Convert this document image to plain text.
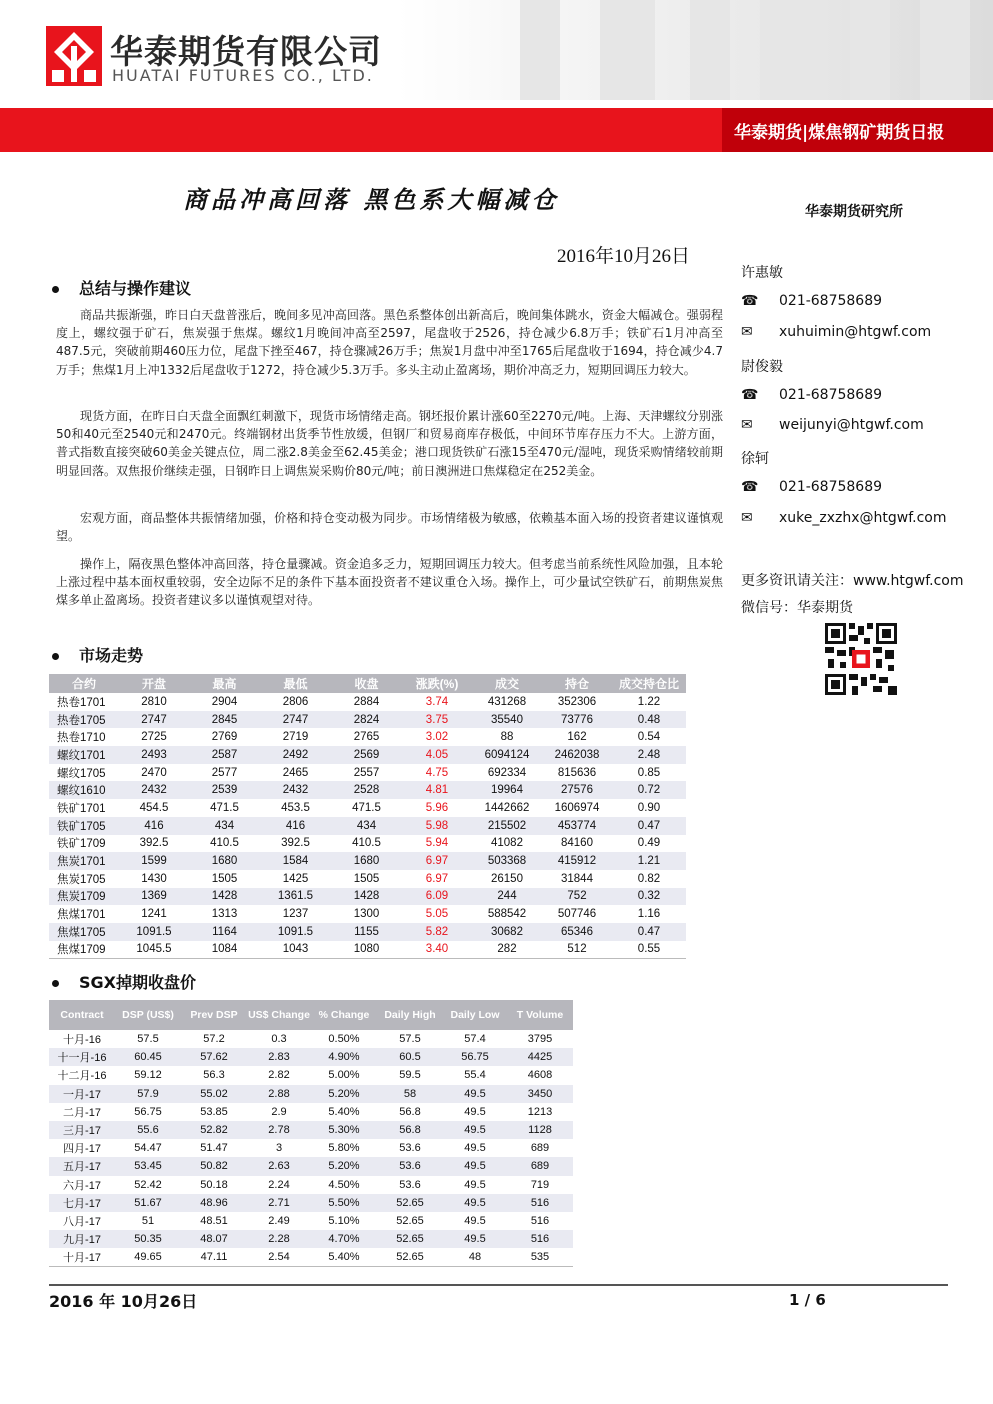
华泰期货有限公司
HUATAI FUTURES CO., LTD.
华泰期货|煤焦钢矿期货日报
商品冲高回落 黑色系大幅减仓	华泰期货研究所
2016年10月26日
总结与操作建议
商品共振渐强，昨日白天盘普涨后，晚间多见冲高回落。黑色系整体创出新高后，晚间集体跳水，资金大幅减仓。强弱程度上，螺纹强于矿石，焦炭强于焦煤。螺纹1月晚间冲高至2597，尾盘收于2526，持仓减少6.8万手；铁矿石1月冲高至487.5元，突破前期460压力位，尾盘下挫至467，持仓骤减26万手；焦炭1月盘中冲至1765后尾盘收于1694，持仓减少4.7万手；焦煤1月上冲1332后尾盘收于1272，持仓减少5.3万手。多头主动止盈离场，期价冲高乏力，短期回调压力较大。
现货方面，在昨日白天盘全面飘红刺激下，现货市场情绪走高。钢坯报价累计涨60至2270元/吨。上海、天津螺纹分别涨50和40元至2540元和2470元。终端钢材出货季节性放缓，但钢厂和贸易商库存极低，中间环节库存压力不大。上游方面，普式指数直接突破60美金关键点位，周二涨2.8美金至62.45美金；港口现货铁矿石涨15至470元/湿吨，现货采购情绪较前期明显回落。双焦报价继续走强，日钢昨日上调焦炭采购价80元/吨；前日澳洲进口焦煤稳定在252美金。
宏观方面，商品整体共振情绪加强，价格和持仓变动极为同步。市场情绪极为敏感，依赖基本面入场的投资者建议谨慎观望。
操作上，隔夜黑色整体冲高回落，持仓量骤减。资金追多乏力，短期回调压力较大。但考虑当前系统性风险加强，且本轮上涨过程中基本面权重较弱，安全边际不足的条件下基本面投资者不建议重仓入场。操作上，可少量试空铁矿石，前期焦炭焦煤多单止盈离场。投资者建议多以谨慎观望对待。
许惠敏
☎ 021-68758689
✉ xuhuimin@htgwf.com
尉俊毅
☎ 021-68758689
✉ weijunyi@htgwf.com
徐轲
☎ 021-68758689
✉ xuke_zxzhx@htgwf.com
更多资讯请关注：www.htgwf.com
微信号：华泰期货
市场走势
合约	开盘	最高	最低	收盘	涨跌(%)	成交	持仓	成交持仓比
热卷1701	2810	2904	2806	2884	3.74	431268	352306	1.22
热卷1705	2747	2845	2747	2824	3.75	35540	73776	0.48
热卷1710	2725	2769	2719	2765	3.02	88	162	0.54
螺纹1701	2493	2587	2492	2569	4.05	6094124	2462038	2.48
螺纹1705	2470	2577	2465	2557	4.75	692334	815636	0.85
螺纹1610	2432	2539	2432	2528	4.81	19964	27576	0.72
铁矿1701	454.5	471.5	453.5	471.5	5.96	1442662	1606974	0.90
铁矿1705	416	434	416	434	5.98	215502	453774	0.47
铁矿1709	392.5	410.5	392.5	410.5	5.94	41082	84160	0.49
焦炭1701	1599	1680	1584	1680	6.97	503368	415912	1.21
焦炭1705	1430	1505	1425	1505	6.97	26150	31844	0.82
焦炭1709	1369	1428	1361.5	1428	6.09	244	752	0.32
焦煤1701	1241	1313	1237	1300	5.05	588542	507746	1.16
焦煤1705	1091.5	1164	1091.5	1155	5.82	30682	65346	0.47
焦煤1709	1045.5	1084	1043	1080	3.40	282	512	0.55
SGX掉期收盘价
Contract	DSP (US$)	Prev DSP	US$ Change	% Change	Daily High	Daily Low	T Volume
十月-16	57.5	57.2	0.3	0.50%	57.5	57.4	3795
十一月-16	60.45	57.62	2.83	4.90%	60.5	56.75	4425
十二月-16	59.12	56.3	2.82	5.00%	59.5	55.4	4608
一月-17	57.9	55.02	2.88	5.20%	58	49.5	3450
二月-17	56.75	53.85	2.9	5.40%	56.8	49.5	1213
三月-17	55.6	52.82	2.78	5.30%	56.8	49.5	1128
四月-17	54.47	51.47	3	5.80%	53.6	49.5	689
五月-17	53.45	50.82	2.63	5.20%	53.6	49.5	689
六月-17	52.42	50.18	2.24	4.50%	53.6	49.5	719
七月-17	51.67	48.96	2.71	5.50%	52.65	49.5	516
八月-17	51	48.51	2.49	5.10%	52.65	49.5	516
九月-17	50.35	48.07	2.28	4.70%	52.65	49.5	516
十月-17	49.65	47.11	2.54	5.40%	52.65	48	535
2016 年 10月26日	1 / 6
